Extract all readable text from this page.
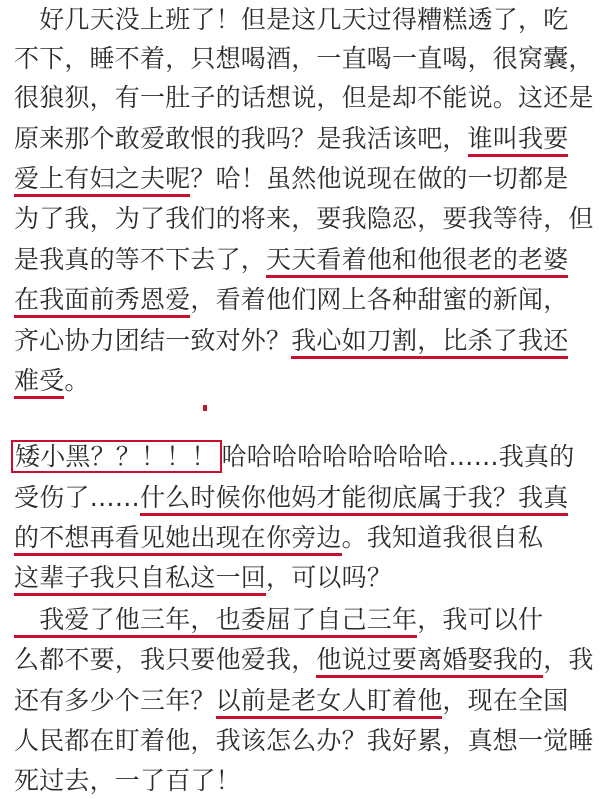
　好几天没上班了！但是这几天过得糟糕透了，吃
不下，睡不着，只想喝酒，一直喝一直喝，很窝囊，
很狼狈，有一肚子的话想说，但是却不能说。这还是
原来那个敢爱敢恨的我吗？是我活该吧，谁叫我要
爱上有妇之夫呢？哈！虽然他说现在做的一切都是
为了我，为了我们的将来，要我隐忍，要我等待，但
是我真的等不下去了，天天看着他和他很老的老婆
在我面前秀恩爱，看着他们网上各种甜蜜的新闻，
齐心协力团结一致对外？我心如刀割，比杀了我还
难受。
矮小黑？？！！！ 哈哈哈哈哈哈哈哈哈……我真的
受伤了……什么时候你他妈才能彻底属于我？我真
的不想再看见她出现在你旁边。我知道我很自私
这辈子我只自私这一回，可以吗？
　我爱了他三年，也委屈了自己三年，我可以什
么都不要，我只要他爱我，他说过要离婚娶我的，我
还有多少个三年？以前是老女人盯着他，现在全国
人民都在盯着他，我该怎么办？我好累，真想一觉睡
死过去，一了百了！
